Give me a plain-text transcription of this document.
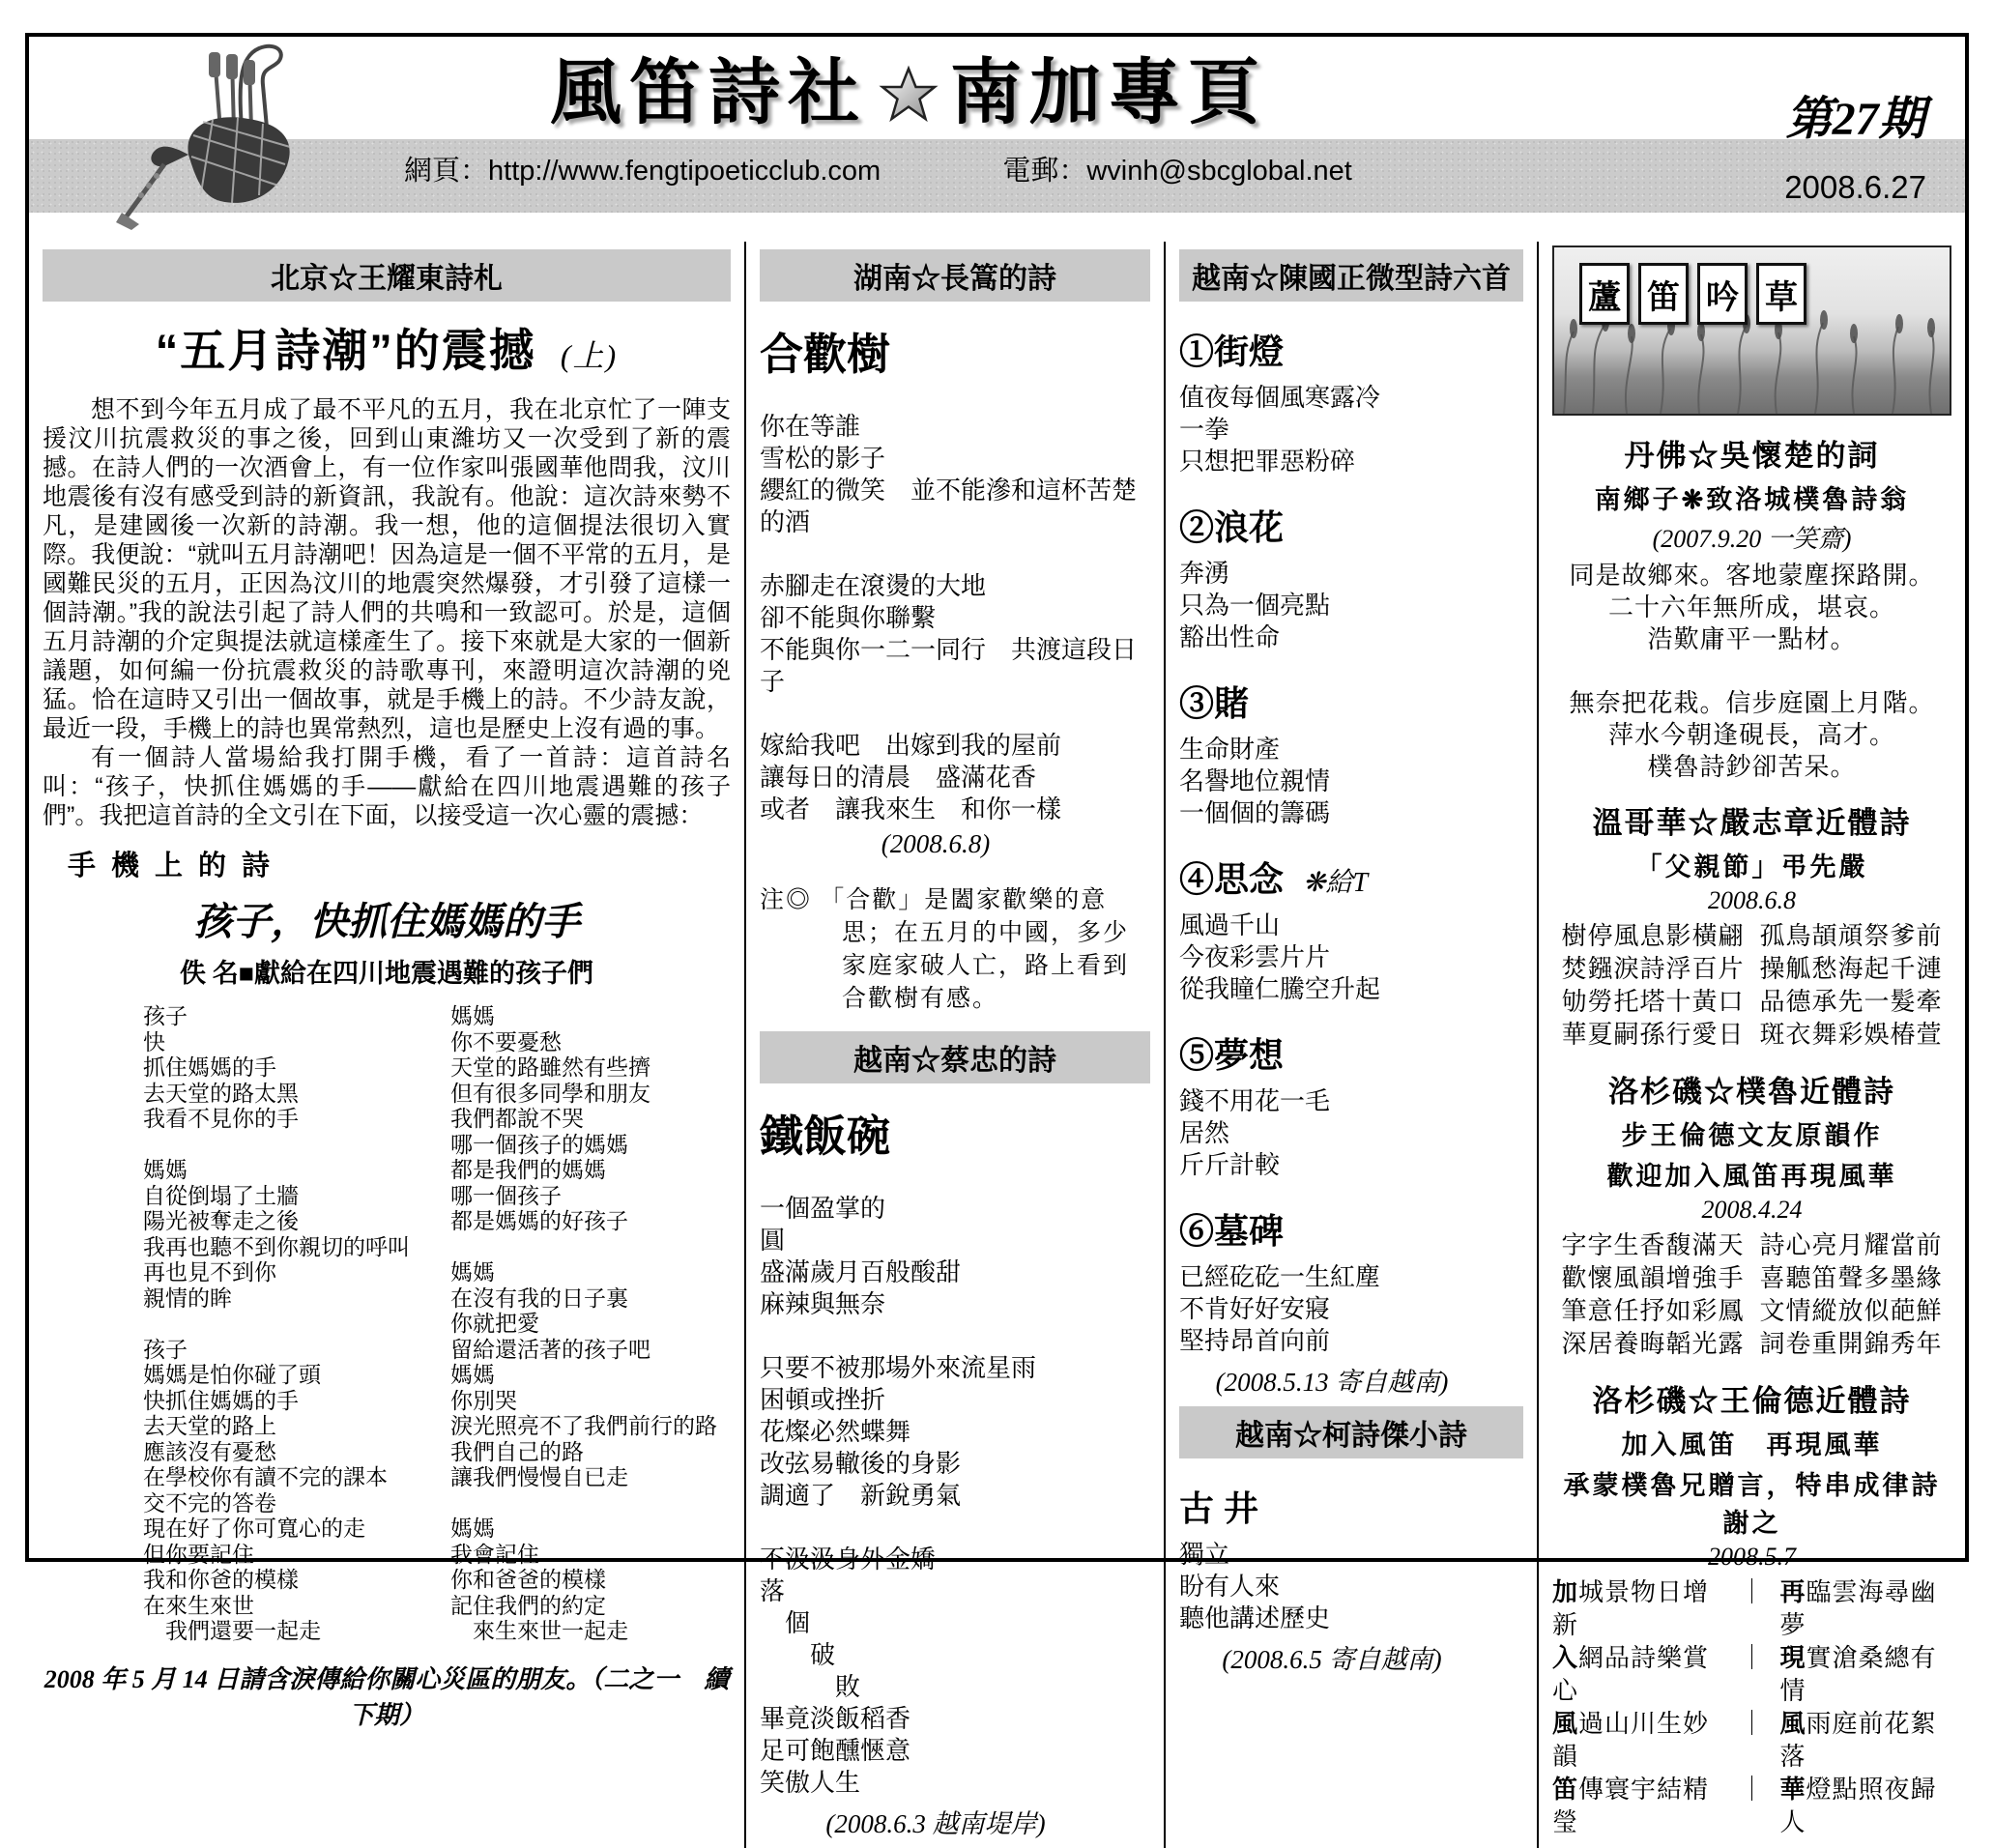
風笛詩社 南加專頁
網頁：http://www.fengtipoeticclub.com	電郵：wvinh@sbcglobal.net
第27期
2008.6.27
北京☆王耀東詩札
“五月詩潮”的震撼 (上)

想不到今年五月成了最不平凡的五月，我在北京忙了一陣支援汶川抗震救災的事之後，回到山東濰坊又一次受到了新的震撼。在詩人們的一次酒會上，有一位作家叫張國華他問我，汶川地震後有沒有感受到詩的新資訊，我說有。他說：這次詩來勢不凡，是建國後一次新的詩潮。我一想，他的這個提法很切入實際。我便說：“就叫五月詩潮吧！因為這是一個不平常的五月，是國難民災的五月，正因為汶川的地震突然爆發，才引發了這樣一個詩潮。”我的說法引起了詩人們的共鳴和一致認可。於是，這個五月詩潮的介定與提法就這樣產生了。接下來就是大家的一個新議題，如何編一份抗震救災的詩歌專刊，來證明這次詩潮的兇猛。恰在這時又引出一個故事，就是手機上的詩。不少詩友說，最近一段，手機上的詩也異常熱烈，這也是歷史上沒有過的事。

有一個詩人當場給我打開手機，看了一首詩：這首詩名叫：“孩子，快抓住媽媽的手——獻給在四川地震遇難的孩子們”。我把這首詩的全文引在下面，以接受這一次心靈的震撼：

手機上的詩
孩子，快抓住媽媽的手
佚 名■獻給在四川地震遇難的孩子們
孩子
快
抓住媽媽的手
去天堂的路太黑
我看不見你的手
媽媽
自從倒塌了土牆
陽光被奪走之後
我再也聽不到你親切的呼叫
再也見不到你
親情的眸
孩子
媽媽是怕你碰了頭
快抓住媽媽的手
去天堂的路上
應該沒有憂愁
在學校你有讀不完的課本
交不完的答卷
現在好了你可寬心的走
但你要記住
我和你爸的模樣
在來生來世
　我們還要一起走
媽媽
你不要憂愁
天堂的路雖然有些擠
但有很多同學和朋友
我們都說不哭
哪一個孩子的媽媽
都是我們的媽媽
哪一個孩子
都是媽媽的好孩子
媽媽
在沒有我的日子裏
你就把愛
留給還活著的孩子吧
媽媽
你別哭
淚光照亮不了我們前行的路
我們自己的路
讓我們慢慢自已走
媽媽
我會記住
你和爸爸的模樣
記住我們的約定
　來生來世一起走
2008 年 5 月 14 日請含淚傳給你關心災區的朋友。（二之一　續下期）
湖南☆長篙的詩
合歡樹
你在等誰
雪松的影子
纓紅的微笑　並不能滲和這杯苦楚的酒
赤腳走在滾燙的大地
卻不能與你聯繫
不能與你一二一同行　共渡這段日子
嫁給我吧　出嫁到我的屋前
讓每日的清晨　盛滿花香
或者　讓我來生　和你一樣
(2008.6.8)
注◎ 「合歡」是闔家歡樂的意思；在五月的中國，多少家庭家破人亡，路上看到合歡樹有感。
越南☆蔡忠的詩
鐵飯碗
一個盈掌的
圓
盛滿歲月百般酸甜
麻辣與無奈
只要不被那場外來流星雨
困頓或挫折
花燦必然蝶舞
改弦易轍後的身影
調適了　新銳勇氣
不汲汲身外金嬌
落
　個
　　破
　　　敗
畢竟淡飯稻香
足可飽醺愜意
笑傲人生
(2008.6.3 越南堤岸)
越南☆陳國正微型詩六首
①街燈
值夜每個風寒露冷
一拳
只想把罪惡粉碎
②浪花
奔湧
只為一個亮點
豁出性命
③賭
生命財產
名譽地位親情
一個個的籌碼
④思念 ❋給T
風過千山
今夜彩雲片片
從我瞳仁騰空升起
⑤夢想
錢不用花一毛
居然
斤斤計較
⑥墓碑
已經矻矻一生紅塵
不肯好好安寢
堅持昂首向前
(2008.5.13 寄自越南)
越南☆柯詩傑小詩
古 井
獨立
盼有人來
聽他講述歷史
(2008.6.5 寄自越南)
蘆 笛 吟 草
丹佛☆吳懷楚的詞
南鄉子❋致洛城樸魯詩翁
(2007.9.20 一笑齋)
同是故鄉來。客地蒙塵探路開。
二十六年無所成，堪哀。
浩歎庸平一點材。
無奈把花栽。信步庭園上月階。
萍水今朝逢硯長，高才。
樸魯詩鈔卻苦呆。
溫哥華☆嚴志章近體詩
「父親節」弔先嚴
2008.6.8
樹停風息影橫翩 孤鳥頡頏祭爹前
焚鏹淚詩浮百片 操觚愁海起千漣
劬勞托塔十黃口 品德承先一髮牽
華夏嗣孫行愛日 斑衣舞彩娛椿萱
洛杉磯☆樸魯近體詩
步王倫德文友原韻作
歡迎加入風笛再現風華
2008.4.24
字字生香馥滿天 詩心亮月耀當前
歡懷風韻增強手 喜聽笛聲多墨緣
筆意任抒如彩鳳 文情縱放似葩鮮
深居養晦韜光露 詞卷重開錦秀年
洛杉磯☆王倫德近體詩
加入風笛　再現風華
承蒙樸魯兄贈言，特串成律詩謝之
2008.5.7
加城景物日增新
｜ 再臨雲海尋幽夢
入網品詩樂賞心
｜ 現實滄桑總有情
風過山川生妙韻
｜ 風雨庭前花絮落
笛傳寰宇結精瑩
｜ 華燈點照夜歸人
